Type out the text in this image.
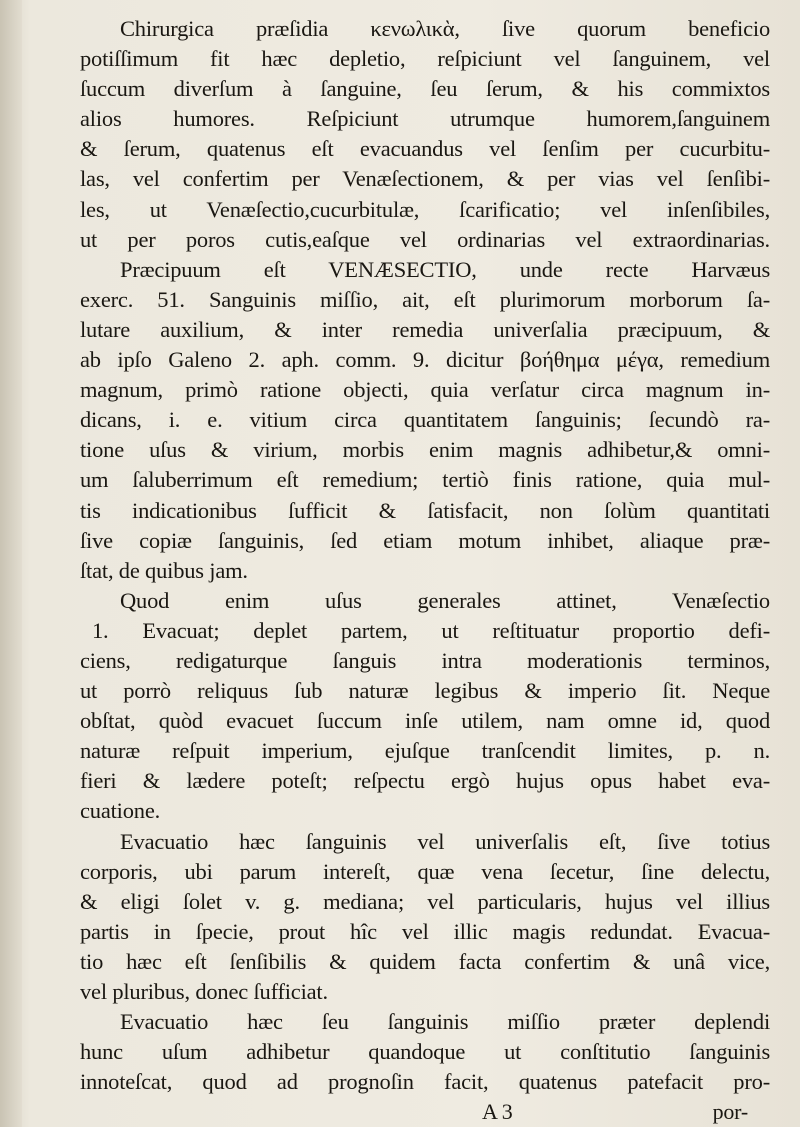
Chirurgica præſidia κενωλικὰ, ſive quorum beneficio
potiſſimum fit hæc depletio, reſpiciunt vel ſanguinem, vel
ſuccum diverſum à ſanguine, ſeu ſerum, & his commixtos
alios humores. Reſpiciunt utrumque humorem,ſanguinem
& ſerum, quatenus eſt evacuandus vel ſenſim per cucurbitu-
las, vel confertim per Venæſectionem, & per vias vel ſenſibi-
les, ut Venæſectio,cucurbitulæ, ſcarificatio; vel inſenſibiles,
ut per poros cutis,eaſque vel ordinarias vel extraordinarias.
Præcipuum eſt VENÆSECTIO, unde recte Harvæus
exerc. 51. Sanguinis miſſio, ait, eſt plurimorum morborum ſa-
lutare auxilium, & inter remedia univerſalia præcipuum, &
ab ipſo Galeno 2. aph. comm. 9. dicitur βοήθημα μέγα, remedium
magnum, primò ratione objecti, quia verſatur circa magnum in-
dicans, i. e. vitium circa quantitatem ſanguinis; ſecundò ra-
tione uſus & virium, morbis enim magnis adhibetur,& omni-
um ſaluberrimum eſt remedium; tertiò finis ratione, quia mul-
tis indicationibus ſufficit & ſatisfacit, non ſolùm quantitati
ſive copiæ ſanguinis, ſed etiam motum inhibet, aliaque præ-
ſtat, de quibus jam.
Quod enim uſus generales attinet, Venæſectio
1. Evacuat; deplet partem, ut reſtituatur proportio defi-
ciens, redigaturque ſanguis intra moderationis terminos,
ut porrò reliquus ſub naturæ legibus & imperio ſit. Neque
obſtat, quòd evacuet ſuccum inſe utilem, nam omne id, quod
naturæ reſpuit imperium, ejuſque tranſcendit limites, p. n.
fieri & lædere poteſt; reſpectu ergò hujus opus habet eva-
cuatione.
Evacuatio hæc ſanguinis vel univerſalis eſt, ſive totius
corporis, ubi parum intereſt, quæ vena ſecetur, ſine delectu,
& eligi ſolet v. g. mediana; vel particularis, hujus vel illius
partis in ſpecie, prout hîc vel illic magis redundat. Evacua-
tio hæc eſt ſenſibilis & quidem facta confertim & unâ vice,
vel pluribus, donec ſufficiat.
Evacuatio hæc ſeu ſanguinis miſſio præter deplendi
hunc uſum adhibetur quandoque ut conſtitutio ſanguinis
innoteſcat, quod ad prognoſin facit, quatenus patefacit pro-
A 3	por-
